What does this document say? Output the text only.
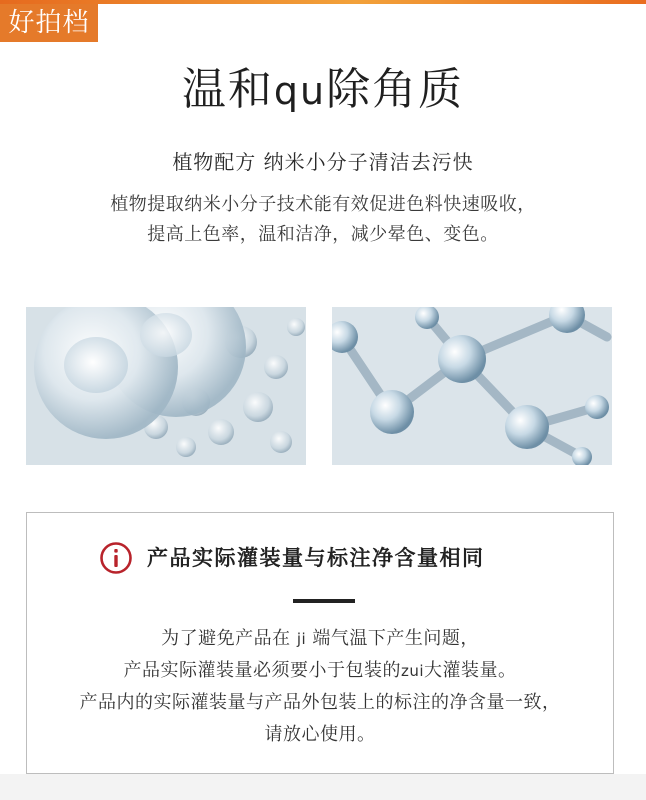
好拍档
温和qu除角质
植物配方 纳米小分子清洁去污快
植物提取纳米小分子技术能有效促进色料快速吸收，
提高上色率，温和洁净，减少晕色、变色。
产品实际灌装量与标注净含量相同
为了避免产品在 ji 端气温下产生问题，
产品实际灌装量必须要小于包装的zui大灌装量。
产品内的实际灌装量与产品外包装上的标注的净含量一致，
请放心使用。
